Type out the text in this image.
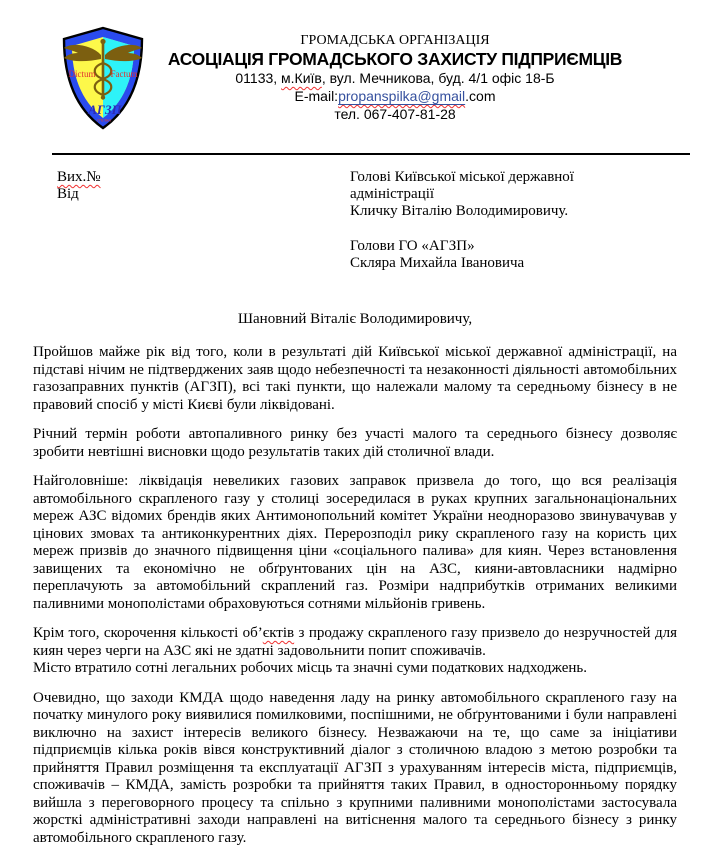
Dictum Factum
АГЗП
спілка
ГРОМАДСЬКА ОРГАНІЗАЦІЯ
АСОЦІАЦІЯ ГРОМАДСЬКОГО ЗАХИСТУ ПІДПРИЄМЦІВ
01133, м.Київ, вул. Мечникова, буд. 4/1 офіс 18-Б
E-mail:propanspilka@gmail.com
тел. 067-407-81-28
Вих.№
Від
Голові Київської міської державної
адміністрації
Кличку Віталію Володимировичу.
Голови ГО «АГЗП»
Скляра Михайла Івановича
Шановний Віталіє Володимировичу,

Пройшов майже рік від того, коли в результаті дій Київської міської державної адміністрації, на підставі нічим не підтверджених заяв щодо небезпечності та незаконності діяльності автомобільних газозаправних пунктів (АГЗП), всі такі пункти, що належали малому та середньому бізнесу в не правовий спосіб у місті Києві були ліквідовані.

Річний термін роботи автопаливного ринку без участі малого та середнього бізнесу дозволяє зробити невтішні висновки щодо результатів таких дій столичної влади.

Найголовніше: ліквідація невеликих газових заправок призвела до того, що вся реалізація автомобільного скрапленого газу у столиці зосередилася в руках крупних загальнонаціональних мереж АЗС відомих брендів яких Антимонопольний комітет України неодноразово звинувачував у цінових змовах та антиконкурентних діях. Перерозподіл рику скрапленого газу на користь цих мереж призвів до значного підвищення ціни «соціального палива» для киян. Через встановлення завищених та економічно не обґрунтованих цін на АЗС, кияни-автовласники надмірно переплачують за автомобільний скраплений газ. Розміри надприбутків отриманих великими паливними монополістами обраховуються сотнями мільйонів гривень.

Крім того, скорочення кількості об’єктів з продажу скрапленого газу призвело до незручностей для киян через черги на АЗС які не здатні задовольнити попит споживачів.
Місто втратило сотні легальних робочих місць та значні суми податкових надходжень.

Очевидно, що заходи КМДА щодо наведення ладу на ринку автомобільного скрапленого газу на початку минулого року виявилися помилковими, поспішними, не обґрунтованими і були направлені виключно на захист інтересів великого бізнесу. Незважаючи на те, що саме за ініціативи підприємців кілька років вівся конструктивний діалог з столичною владою з метою розробки та прийняття Правил розміщення та експлуатації АГЗП з урахуванням інтересів міста, підприємців, споживачів – КМДА, замість розробки та прийняття таких Правил, в односторонньому порядку вийшла з переговорного процесу та спільно з крупними паливними монополістами застосувала жорсткі адміністративні заходи направлені на витіснення малого та середнього бізнесу з ринку автомобільного скрапленого газу.
